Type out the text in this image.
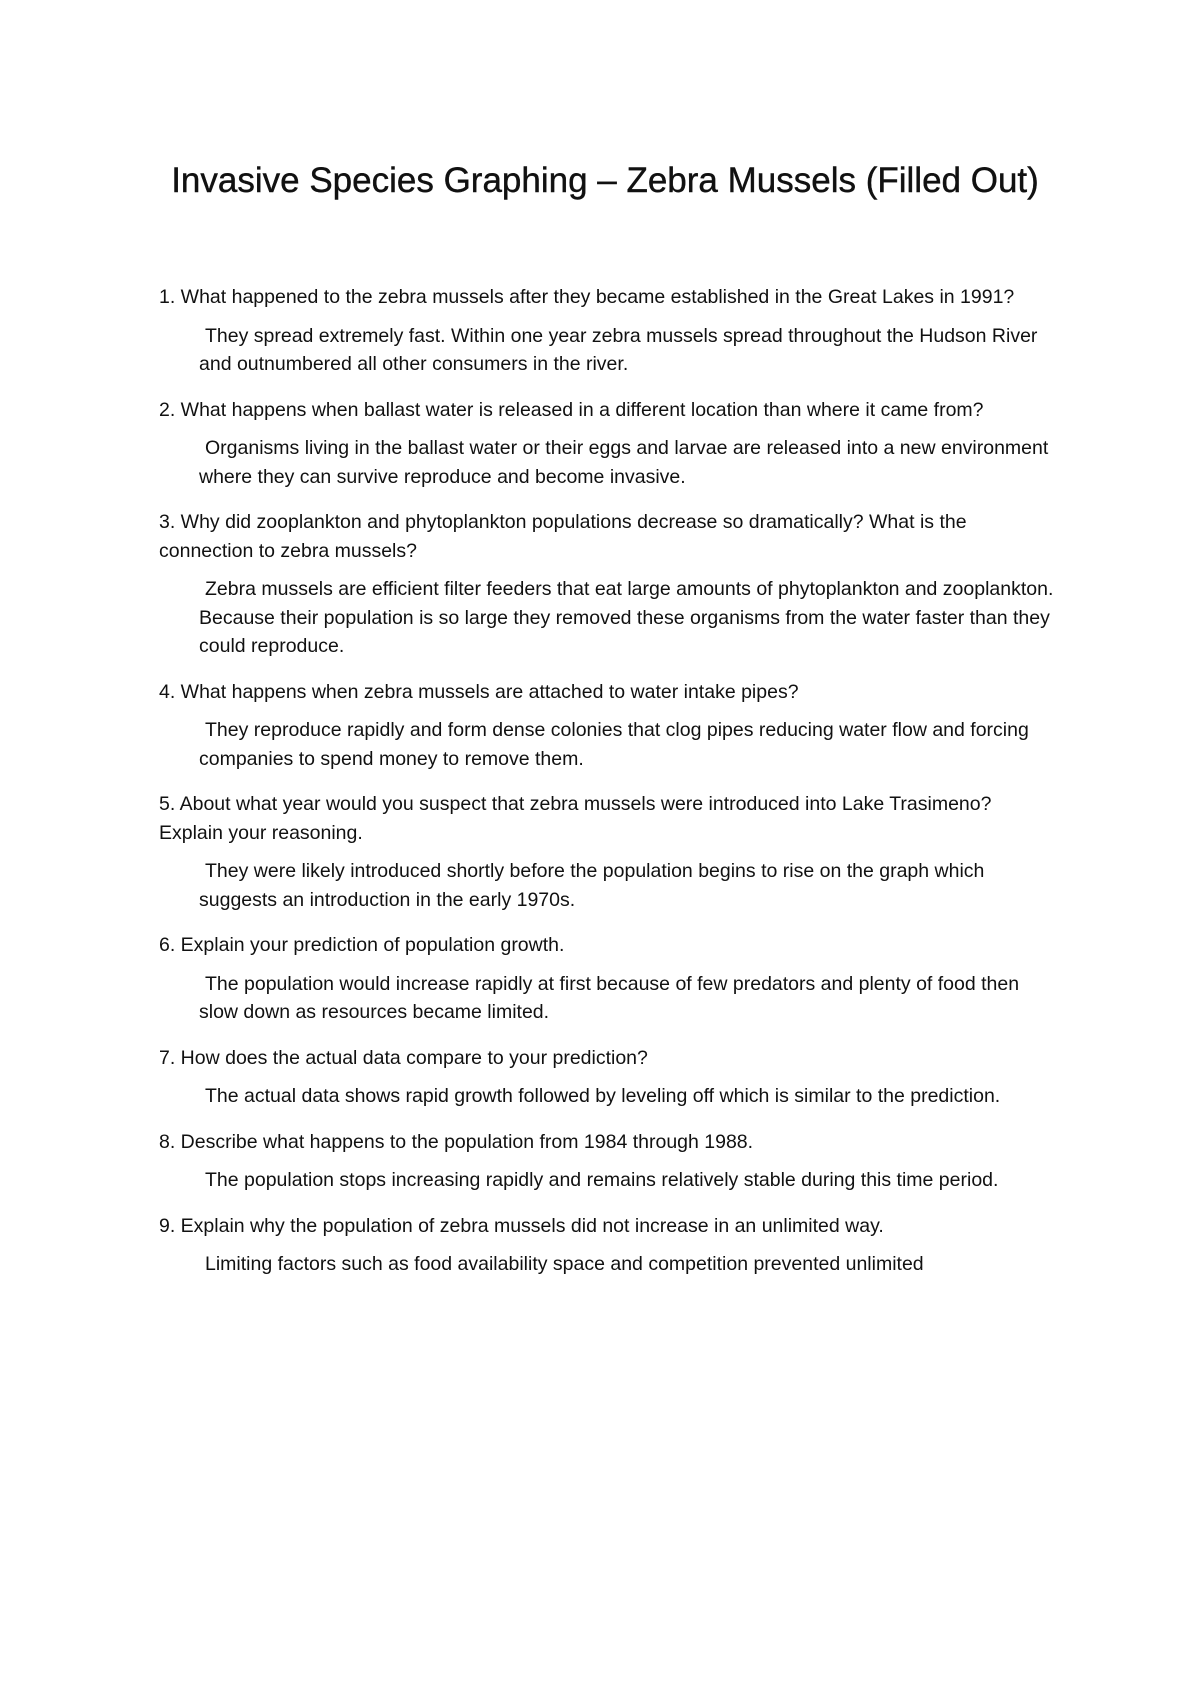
Invasive Species Graphing – Zebra Mussels (Filled Out)

1. What happened to the zebra mussels after they became established in the Great Lakes in 1991?

They spread extremely fast. Within one year zebra mussels spread throughout the Hudson River and outnumbered all other consumers in the river.

2. What happens when ballast water is released in a different location than where it came from?

Organisms living in the ballast water or their eggs and larvae are released into a new environment where they can survive reproduce and become invasive.

3. Why did zooplankton and phytoplankton populations decrease so dramatically? What is the connection to zebra mussels?

Zebra mussels are efficient filter feeders that eat large amounts of phytoplankton and zooplankton. Because their population is so large they removed these organisms from the water faster than they could reproduce.

4. What happens when zebra mussels are attached to water intake pipes?

They reproduce rapidly and form dense colonies that clog pipes reducing water flow and forcing companies to spend money to remove them.

5. About what year would you suspect that zebra mussels were introduced into Lake Trasimeno? Explain your reasoning.

They were likely introduced shortly before the population begins to rise on the graph which suggests an introduction in the early 1970s.

6. Explain your prediction of population growth.

The population would increase rapidly at first because of few predators and plenty of food then slow down as resources became limited.

7. How does the actual data compare to your prediction?

The actual data shows rapid growth followed by leveling off which is similar to the prediction.

8. Describe what happens to the population from 1984 through 1988.

The population stops increasing rapidly and remains relatively stable during this time period.

9. Explain why the population of zebra mussels did not increase in an unlimited way.

Limiting factors such as food availability space and competition prevented unlimited
